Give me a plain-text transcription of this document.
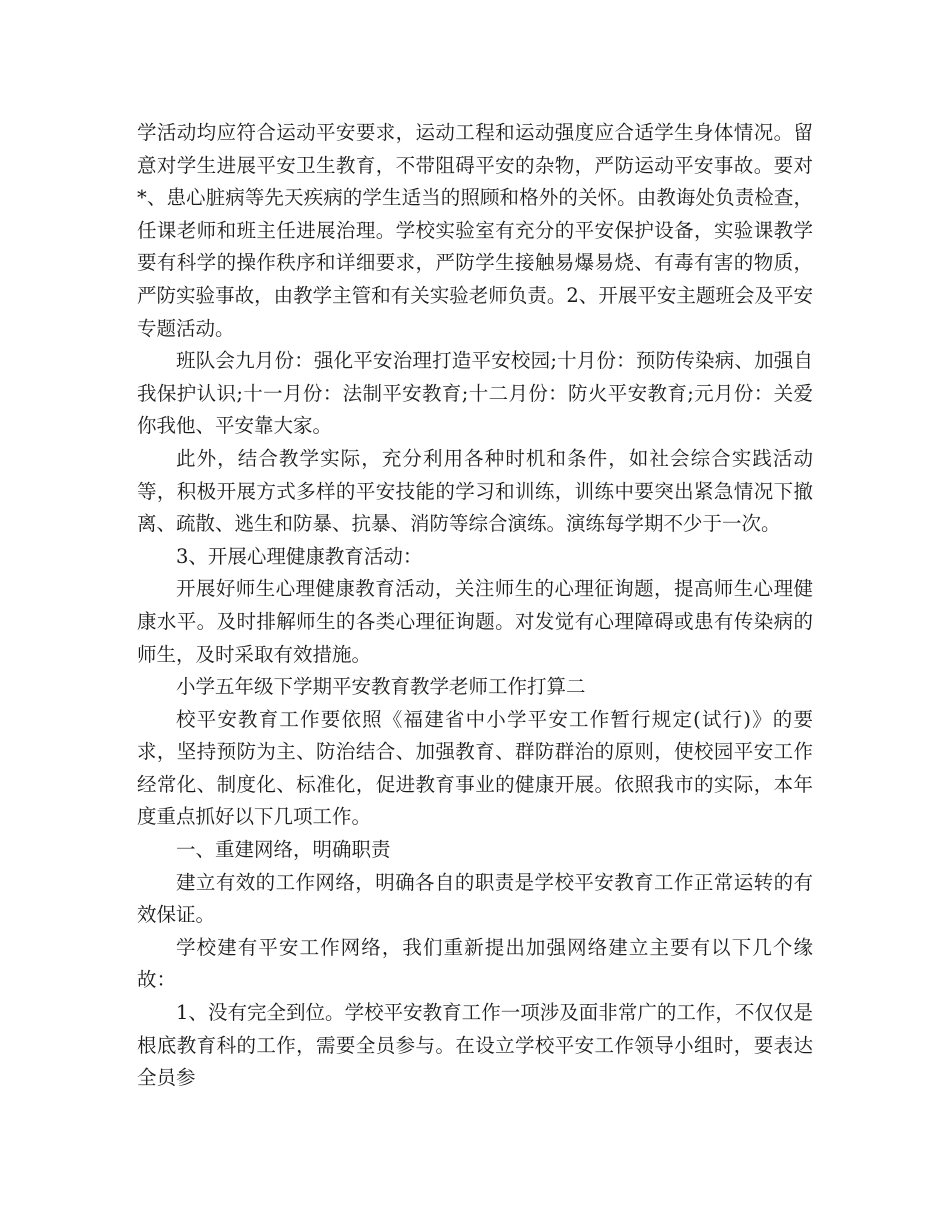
学活动均应符合运动平安要求，运动工程和运动强度应合适学生身体情况。留意对学生进展平安卫生教育，不带阻碍平安的杂物，严防运动平安事故。要对*、患心脏病等先天疾病的学生适当的照顾和格外的关怀。由教诲处负责检查，任课老师和班主任进展治理。学校实验室有充分的平安保护设备，实验课教学要有科学的操作秩序和详细要求，严防学生接触易爆易烧、有毒有害的物质，严防实验事故，由教学主管和有关实验老师负责。2、开展平安主题班会及平安专题活动。

班队会九月份：强化平安治理打造平安校园;十月份：预防传染病、加强自我保护认识;十一月份：法制平安教育;十二月份：防火平安教育;元月份：关爱你我他、平安靠大家。

此外，结合教学实际，充分利用各种时机和条件，如社会综合实践活动等，积极开展方式多样的平安技能的学习和训练，训练中要突出紧急情况下撤离、疏散、逃生和防暴、抗暴、消防等综合演练。演练每学期不少于一次。

3、开展心理健康教育活动：

开展好师生心理健康教育活动，关注师生的心理征询题，提高师生心理健康水平。及时排解师生的各类心理征询题。对发觉有心理障碍或患有传染病的师生，及时采取有效措施。

小学五年级下学期平安教育教学老师工作打算二

校平安教育工作要依照《福建省中小学平安工作暂行规定(试行)》的要求，坚持预防为主、防治结合、加强教育、群防群治的原则，使校园平安工作经常化、制度化、标准化，促进教育事业的健康开展。依照我市的实际，本年度重点抓好以下几项工作。

一、重建网络，明确职责

建立有效的工作网络，明确各自的职责是学校平安教育工作正常运转的有效保证。

学校建有平安工作网络，我们重新提出加强网络建立主要有以下几个缘故：

1、没有完全到位。学校平安教育工作一项涉及面非常广的工作，不仅仅是根底教育科的工作，需要全员参与。在设立学校平安工作领导小组时，要表达全员参
